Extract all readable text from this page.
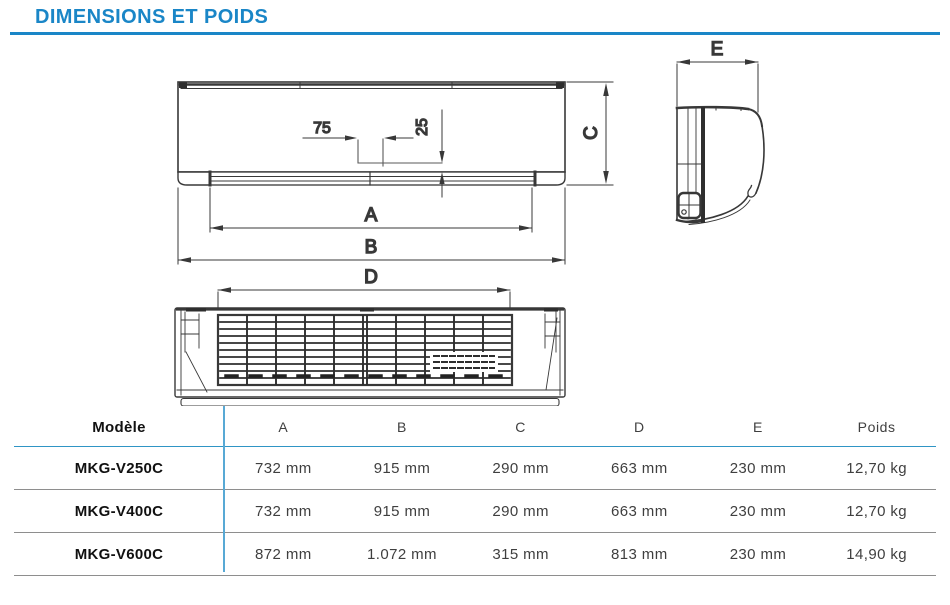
DIMENSIONS ET POIDS
75	25	C
A
B
E
D
Modèle	A	B	C	D	E	Poids
MKG-V250C	732 mm	915 mm	290 mm	663 mm	230 mm	12,70 kg
MKG-V400C	732 mm	915 mm	290 mm	663 mm	230 mm	12,70 kg
MKG-V600C	872 mm	1.072 mm	315 mm	813 mm	230 mm	14,90 kg
